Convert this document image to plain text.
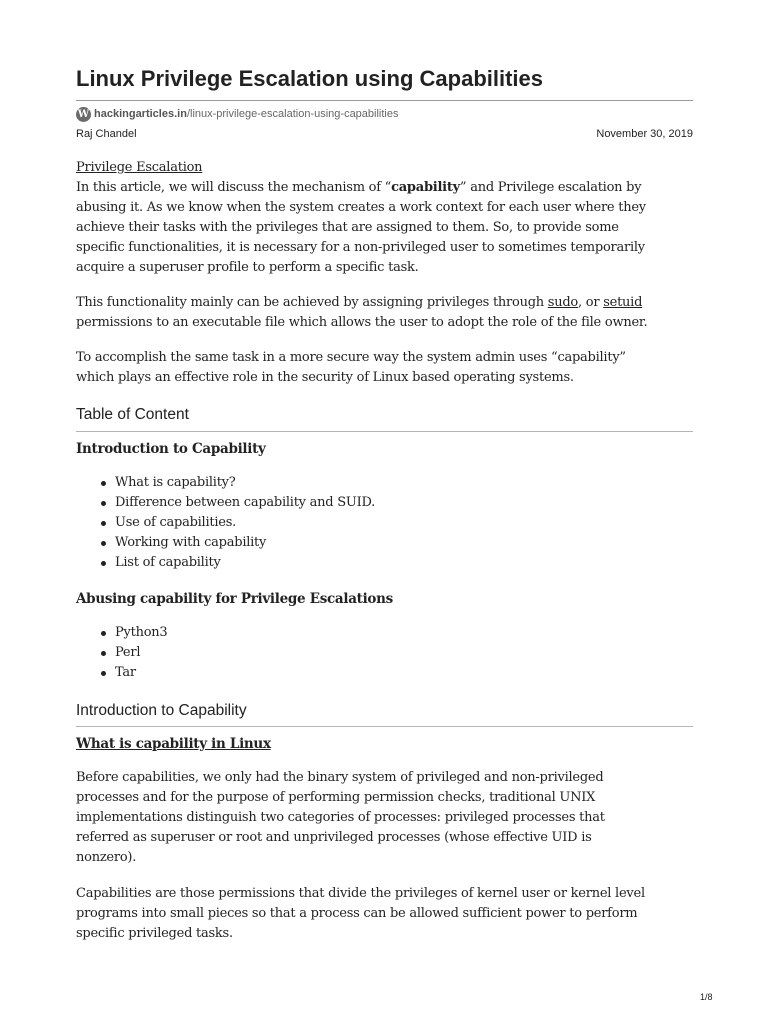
Linux Privilege Escalation using Capabilities
W hackingarticles.in /linux-privilege-escalation-using-capabilities
Raj Chandel	November 30, 2019
Privilege Escalation
In this article, we will discuss the mechanism of “capability” and Privilege escalation by
abusing it. As we know when the system creates a work context for each user where they
achieve their tasks with the privileges that are assigned to them. So, to provide some
specific functionalities, it is necessary for a non-privileged user to sometimes temporarily
acquire a superuser profile to perform a specific task.
This functionality mainly can be achieved by assigning privileges through sudo, or setuid
permissions to an executable file which allows the user to adopt the role of the file owner.
To accomplish the same task in a more secure way the system admin uses “capability”
which plays an effective role in the security of Linux based operating systems.
Table of Content
Introduction to Capability
What is capability?
Difference between capability and SUID.
Use of capabilities.
Working with capability
List of capability
Abusing capability for Privilege Escalations
Python3
Perl
Tar
Introduction to Capability
What is capability in Linux
Before capabilities, we only had the binary system of privileged and non-privileged
processes and for the purpose of performing permission checks, traditional UNIX
implementations distinguish two categories of processes: privileged processes that
referred as superuser or root and unprivileged processes (whose effective UID is
nonzero).
Capabilities are those permissions that divide the privileges of kernel user or kernel level
programs into small pieces so that a process can be allowed sufficient power to perform
specific privileged tasks.
1/8
